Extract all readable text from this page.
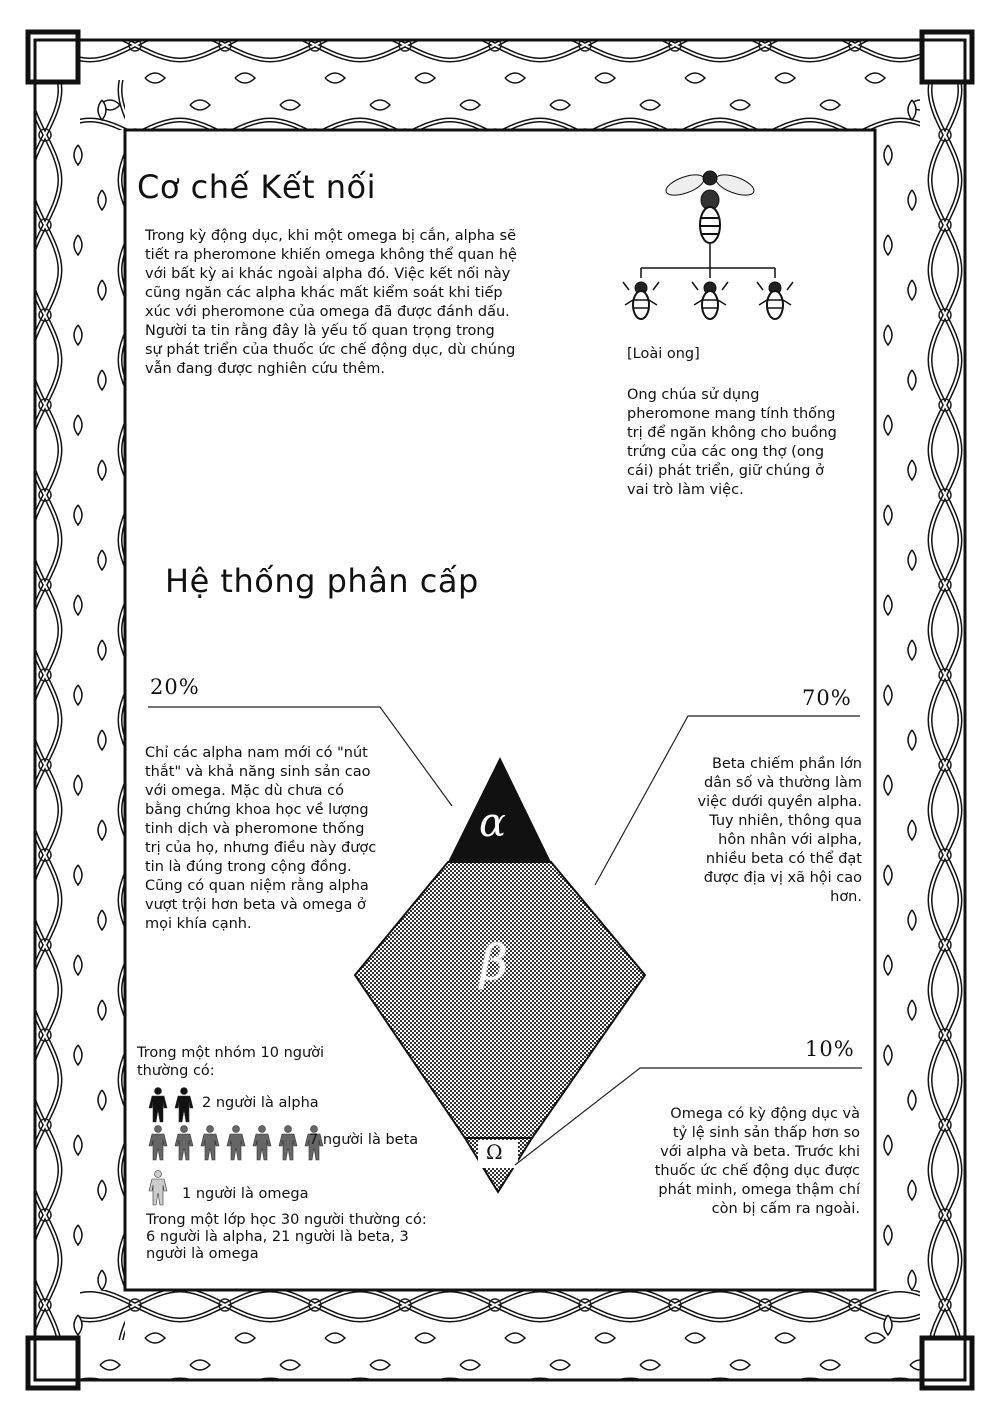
Cơ chế Kết nối
Trong kỳ động dục, khi một omega bị cắn, alpha sẽ
tiết ra pheromone khiến omega không thể quan hệ
với bất kỳ ai khác ngoài alpha đó. Việc kết nối này
cũng ngăn các alpha khác mất kiểm soát khi tiếp
xúc với pheromone của omega đã được đánh dấu.
Người ta tin rằng đây là yếu tố quan trọng trong
sự phát triển của thuốc ức chế động dục, dù chúng
vẫn đang được nghiên cứu thêm.
[Loài ong]
Ong chúa sử dụng
pheromone mang tính thống
trị để ngăn không cho buồng
trứng của các ong thợ (ong
cái) phát triển, giữ chúng ở
vai trò làm việc.
Hệ thống phân cấp
20%
Chỉ các alpha nam mới có "nút
thắt" và khả năng sinh sản cao
với omega. Mặc dù chưa có
bằng chứng khoa học về lượng
tinh dịch và pheromone thống
trị của họ, nhưng điều này được
tin là đúng trong cộng đồng.
Cũng có quan niệm rằng alpha
vượt trội hơn beta và omega ở
mọi khía cạnh.
α
70%
Beta chiếm phần lớn
dân số và thường làm
việc dưới quyền alpha.
Tuy nhiên, thông qua
hôn nhân với alpha,
nhiều beta có thể đạt
được địa vị xã hội cao
hơn.
β
10%
Omega có kỳ động dục và
tỷ lệ sinh sản thấp hơn so
với alpha và beta. Trước khi
thuốc ức chế động dục được
phát minh, omega thậm chí
còn bị cấm ra ngoài.
Ω
Trong một nhóm 10 người
thường có:
2 người là alpha
7 người là beta
1 người là omega
Trong một lớp học 30 người thường có:
6 người là alpha, 21 người là beta, 3
người là omega
